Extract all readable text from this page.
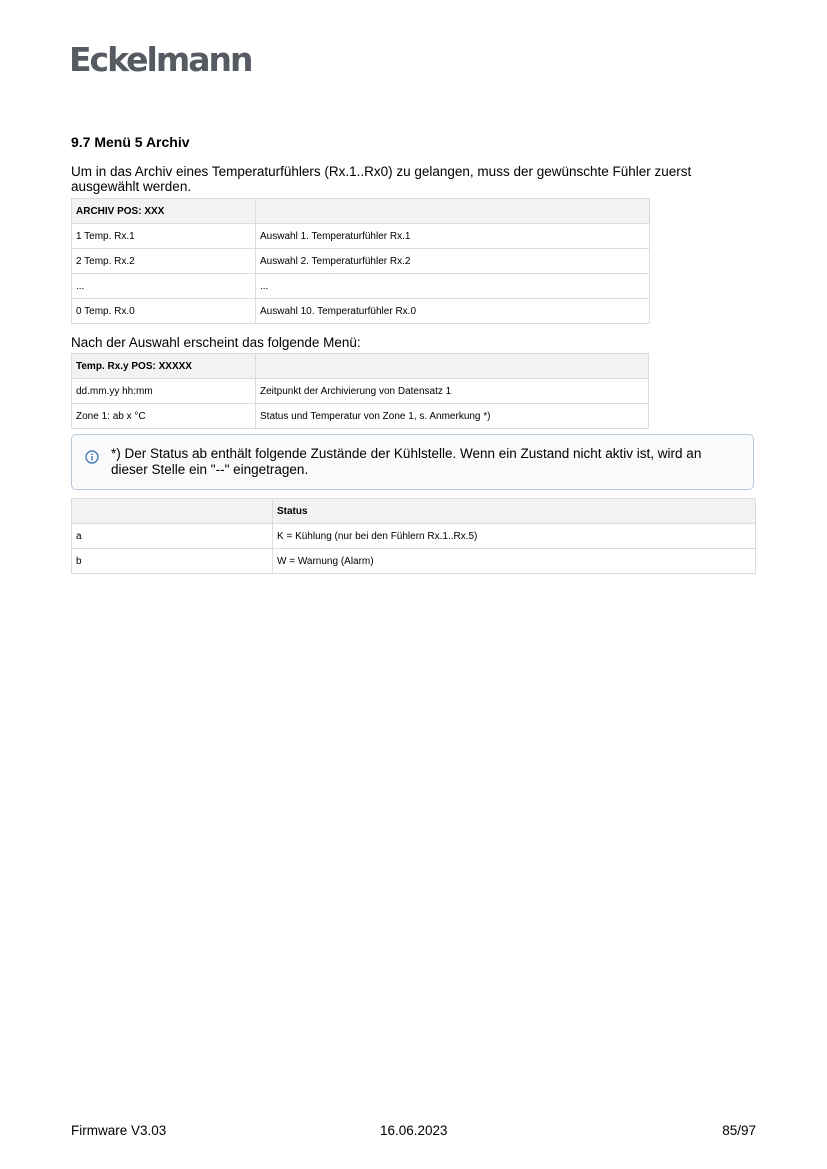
Eckelmann
9.7 Menü 5 Archiv
Um in das Archiv eines Temperaturfühlers (Rx.1..Rx0) zu gelangen, muss der gewünschte Fühler zuerst ausgewählt werden.
ARCHIV POS: XXX	
1 Temp. Rx.1	Auswahl 1. Temperaturfühler Rx.1
2 Temp. Rx.2	Auswahl 2. Temperaturfühler Rx.2
...	...
0 Temp. Rx.0	Auswahl 10. Temperaturfühler Rx.0
Nach der Auswahl erscheint das folgende Menü:
Temp. Rx.y POS: XXXXX	
dd.mm.yy hh:mm	Zeitpunkt der Archivierung von Datensatz 1
Zone 1: ab x °C	Status und Temperatur von Zone 1, s. Anmerkung *)
*) Der Status ab enthält folgende Zustände der Kühlstelle. Wenn ein Zustand nicht aktiv ist, wird an dieser Stelle ein "--" eingetragen.
	Status
a	K = Kühlung (nur bei den Fühlern Rx.1..Rx.5)
b	W = Warnung (Alarm)
Firmware V3.03	16.06.2023	85/97
